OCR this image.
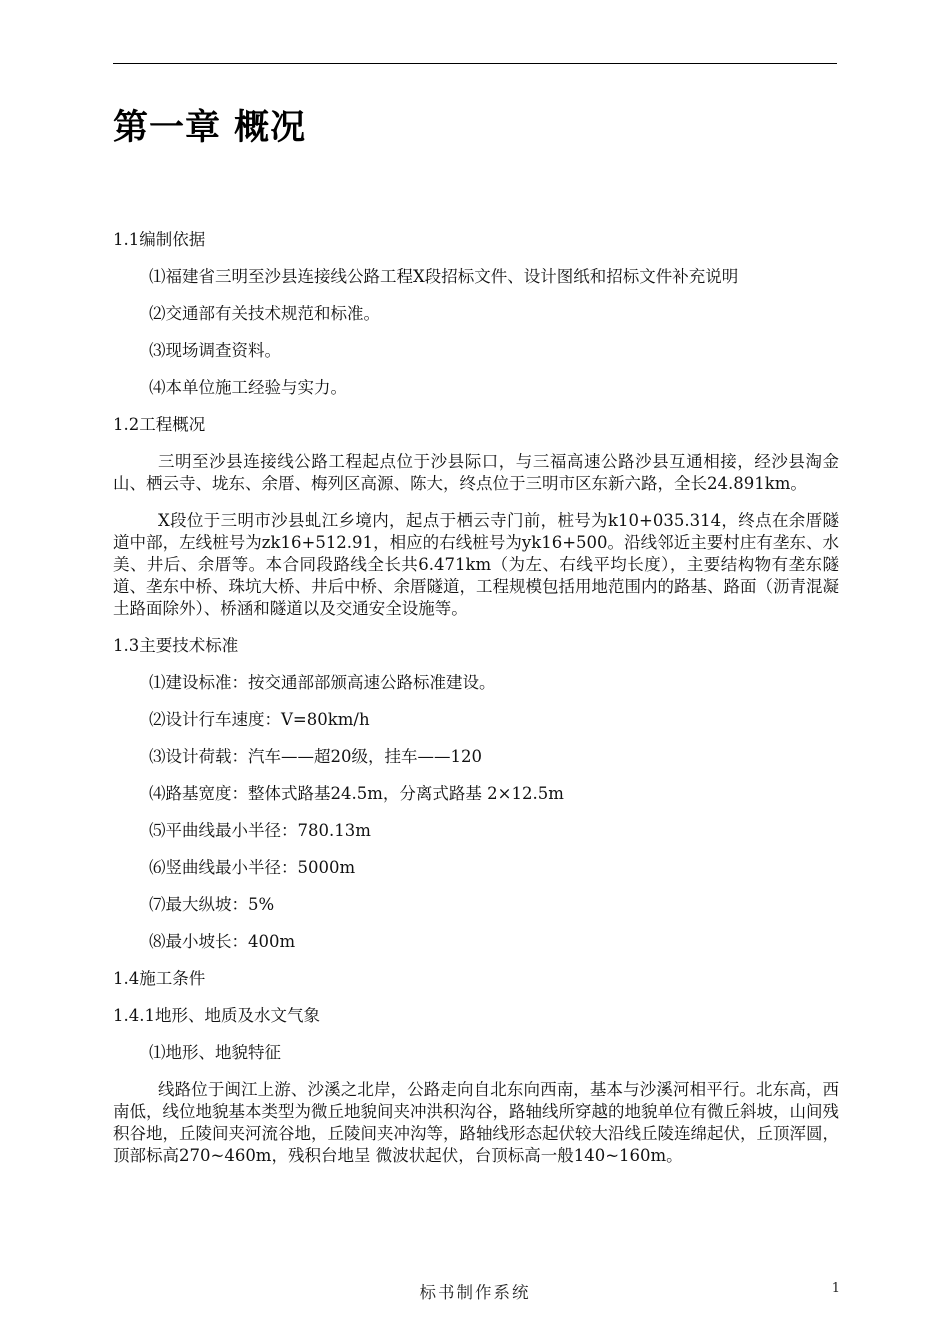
第一章 概况

1.1编制依据

⑴福建省三明至沙县连接线公路工程X段招标文件、设计图纸和招标文件补充说明

⑵交通部有关技术规范和标准。

⑶现场调查资料。

⑷本单位施工经验与实力。

1.2工程概况

三明至沙县连接线公路工程起点位于沙县际口，与三福高速公路沙县互通相接，经沙县淘金山、栖云寺、垅东、余厝、梅列区高源、陈大，终点位于三明市区东新六路，全长24.891km。

X段位于三明市沙县虬江乡境内，起点于栖云寺门前，桩号为k10+035.314，终点在余厝隧道中部，左线桩号为zk16+512.91，相应的右线桩号为yk16+500。沿线邻近主要村庄有垄东、水美、井后、余厝等。本合同段路线全长共6.471km（为左、右线平均长度），主要结构物有垄东隧道、垄东中桥、珠坑大桥、井后中桥、余厝隧道，工程规模包括用地范围内的路基、路面（沥青混凝土路面除外）、桥涵和隧道以及交通安全设施等。

1.3主要技术标准

⑴建设标准：按交通部部颁高速公路标准建设。

⑵设计行车速度：V=80km/h

⑶设计荷载：汽车——超20级，挂车——120

⑷路基宽度：整体式路基24.5m，分离式路基 2×12.5m

⑸平曲线最小半径：780.13m

⑹竖曲线最小半径：5000m

⑺最大纵坡：5%

⑻最小坡长：400m

1.4施工条件

1.4.1地形、地质及水文气象

⑴地形、地貌特征

线路位于闽江上游、沙溪之北岸，公路走向自北东向西南，基本与沙溪河相平行。北东高，西南低，线位地貌基本类型为微丘地貌间夹冲洪积沟谷，路轴线所穿越的地貌单位有微丘斜坡，山间残积谷地，丘陵间夹河流谷地，丘陵间夹冲沟等，路轴线形态起伏较大沿线丘陵连绵起伏，丘顶浑圆，顶部标高270~460m，残积台地呈 微波状起伏，台顶标高一般140~160m。

标书制作系统	1
